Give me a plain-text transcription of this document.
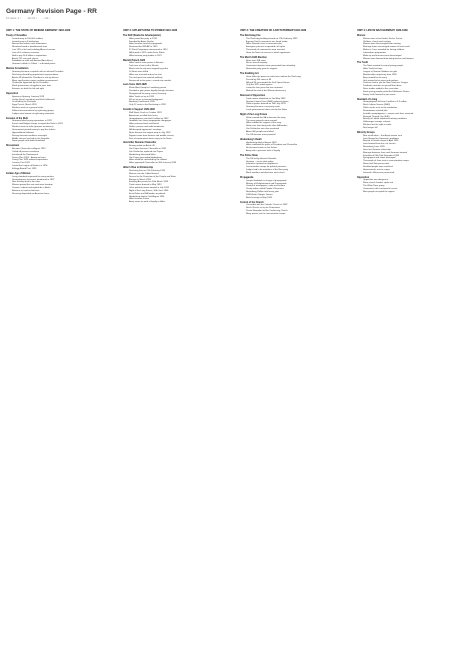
Germany Revision Page - RR
12 views, 3 •	Jan 22 •	• 42 •
UNIT 1: THE STATE OF WEIMAR GERMANY 1918-1929
Treaty of Versailles
• Limited army to 100,000 soldiers
• Limited navy to 6 battleships
• Banned the airforce and submarines
• Rhineland made a demilitarised zone
• Lost 13% of its land including Alsace-Lorraine
• Lost all its colonies overseas
• Had to pay £6.6 billion in reparations
• Article 231: war guilt clause
• Forbidden to unite with Austria (Anschluss)
• Germans called it a 'Diktat' – a dictated peace
Weimar Constitution
• Germany became a republic with an elected President
• Reichstag elected by proportional representation
• Article 48 allowed the President to rule by decree
• Many small parties meant coalition governments
• Chancellor appointed by the President
• Weak government struggled to pass laws
• Enemies on both the left and right
Opposition
• Spartacist Uprising, January 1919
• Led by Rosa Luxemburg and Karl Liebknecht
• Crushed by the Freikorps
• Kapp Putsch, March 1920
• Workers went on a general strike
• Political assassinations by right-wing groups
• Judges were lenient on right-wing extremists
Invasion of the Ruhr
• Germany failed to pay reparations in 1922
• French and Belgian troops occupied the Ruhr in 1923
• Workers went on strike (passive resistance)
• Government printed money to pay the strikers
• Hyperinflation followed
• Savings became worthless overnight
• Middle classes lost faith in the Republic
• Some people with debts benefitted
Stresemann
• Became Chancellor in August 1923
• Called off passive resistance
• Introduced the Rentenmark
• Dawes Plan 1924 – American loans
• Young Plan 1929 reduced reparations
• Locarno Pact 1925
• Joined the League of Nations in 1926
• Kellogg-Briand Pact 1928
Golden Age of Weimar
• Living standards improved for many workers
• Unemployment insurance introduced in 1927
• New housing built in the cities
• Women gained the vote and more freedom
• Cinema, cabaret and nightclubs in Berlin
• Bauhaus art and architecture
• Recovery depended on American loans
UNIT 2: HITLER'S RISE TO POWER 1919-1933
The DAP (Deutsche Arbeiterpartei)
• Hitler joined the party in 1919
• Founded by Anton Drexler
• Hitler became head of propaganda
• Renamed the NSDAP in 1920
• 25 Point Programme announced in 1920
• SA formed in 1921 under Ernst Rohm
• Hitler became party leader in 1921
Munich Putsch 1923
• Hitler tried to seize power in Bavaria
• Took over a beer hall in Munich
• March into the city was stopped by police
• 16 Nazis were killed
• Hitler was arrested and put on trial
• The trial gave him national publicity
• Sentenced to five years, served nine months
Lean Years 1924-1928
• Wrote Mein Kampf in Landsberg prison
• Decided to gain power legally through elections
• Reorganised the party across Germany
• Hitler Youth set up in 1926
• SS set up as a personal bodyguard
• Bamberg Conference 1926
• Only 12 seats in the Reichstag in 1928
Growth in Support 1929-1932
• Wall Street Crash in October 1929
• Americans recalled their loans
• Unemployment reached 6 million by 1932
• Goebbels ran clever propaganda campaigns
• Hitler promised work and bread
• Rallies, posters and radio broadcasts
• SA disrupted opponents' meetings
• Nazis became the largest party in July 1932
• Support came from farmers and middle classes
• Fear of communism drove many to the Nazis
How Hitler Became Chancellor
• Bruning relied on Article 48
• Von Papen became Chancellor in 1932
• Von Schleicher replaced von Papen
• Hindenburg distrusted Hitler
• Von Papen persuaded Hindenburg
• Hitler would be controlled by the cabinet
• Hitler appointed Chancellor on 30th January 1933
Hitler's Rise to Dictatorship
• Reichstag Fire on 27th February 1933
• Marinus van der Lubbe blamed
• Decree for the Protection of the People and State
• Election in March 1933
• Enabling Act passed on 23rd March 1933
• Trade unions banned in May 1933
• Other political parties banned in July 1933
• Night of the Long Knives, 30th June 1934
• Ernst Rohm and SA leaders murdered
• Hindenburg died on 2nd August 1934
• Hitler became Fuhrer
• Army swore an oath of loyalty to Hitler
UNIT 3: THE CREATION OF A DICTATORSHIP 1933-1939
The Reichstag Fire
• The Reichstag building burned on 27th February 1933
• A young Dutch communist was found inside
• Hitler claimed it was a communist plot
• Emergency decree suspended civil rights
• Thousands of communists were arrested
• Gave the Nazis an excuse to attack opponents
The March 1933 Election
• Nazis won 288 seats
• Not an overall majority
• Communist deputies were prevented from attending
• Nationalist party gave its support
The Enabling Act
• Gave Hitler the power to make laws without the Reichstag
• Passed by 444 votes to 94
• SA and SS surrounded the Kroll Opera House
• Only the SPD voted against
• Lasted for four years but was renewed
• Marked the end of the Weimar democracy
Removal of Opposition
• Trade unions abolished on 2nd May 1933
• German Labour Front (DAF) replaced unions
• Political parties banned on 14th July 1933
• Germany became a one-party state
• Local governments taken over by the Nazis
Night of the Long Knives
• Rohm wanted the SA to become the army
• The army generals were worried
• Hitler needed the support of the army
• Rohm was shot along with other SA leaders
• Von Schleicher was also murdered
• About 400 people were killed
• The SS became more powerful
Hindenburg's Death
• Hindenburg died in August 1934
• Hitler combined the posts of President and Chancellor
• He became known as the Fuhrer
• Army took a personal oath of loyalty
The Police State
• The SS led by Heinrich Himmler
• Gestapo – secret state police
• Informers reported on neighbours
• Concentration camps for political prisoners
• Judges had to be members of the Nazi party
• Block wardens watched over each street
Propaganda
• Joseph Goebbels in charge of propaganda
• Ministry of Enlightenment and Propaganda
• Control of newspapers, radio and cinema
• Cheap radios called People's Receivers
• Nuremberg Rallies held every year
• 1936 Berlin Olympic Games
• Book burnings in May 1933
Control of the Church
• Concordat with the Catholic Church in 1933
• Reich Church set up for Protestants
• Pastor Niemoller led the Confessing Church
• Many priests sent to concentration camps
UNIT 4: LIFE IN NAZI GERMANY 1933-1939
Women
• Women were to be Kinder, Kirche, Kuche
• Children, church and cooking
• Women were discouraged from working
• Marriage loans encouraged women to leave work
• Mother's Cross awarded for having children
• Lebensborn programme
• Make-up and trousers were discouraged
• Women were banned from being doctors and lawyers
The Youth
• The Nazis wanted to control young people
• Hitler Youth for boys
• League of German Maidens for girls
• Membership compulsory from 1936
• Boys trained for the army
• Girls trained to be wives and mothers
• Teachers had to join the Nazi Teachers' League
• Textbooks rewritten to spread Nazi ideas
• Race studies added to the curriculum
• Some young people joined the Edelweiss Pirates
• Swing Youth listened to jazz music
Standard of Living
• Unemployment fell from 6 million to 0.3 million
• Reich Labour Service (RAD)
• Public works such as the autobahns
• Rearmament created jobs
• Invisible unemployment – women and Jews removed
• Strength Through Joy (KdF)
• Beauty of Labour improved working conditions
• Volkswagen savings scheme
• Workers lost the right to strike
• Real wages fell
Minority Groups
• Nazi racial ideas – the Aryan master race
• Jews blamed for Germany's problems
• Boycott of Jewish shops in April 1933
• Jews banned from the civil service
• Nuremberg Laws 1935
• Jews lost German citizenship
• Marriage between Jews and Germans banned
• Kristallnacht 9th-10th November 1938
• Synagogues and shops destroyed
• Thousands of Jews sent to concentration camps
• Roma and Sinti persecuted
• Disabled people were sterilised
• Homosexuals sent to camps
• Jehovah's Witnesses persecuted
Opposition
• Opposition was dangerous
• Some church leaders spoke out
• The White Rose group
• Communist cells continued in secret
• Most people accepted the regime
